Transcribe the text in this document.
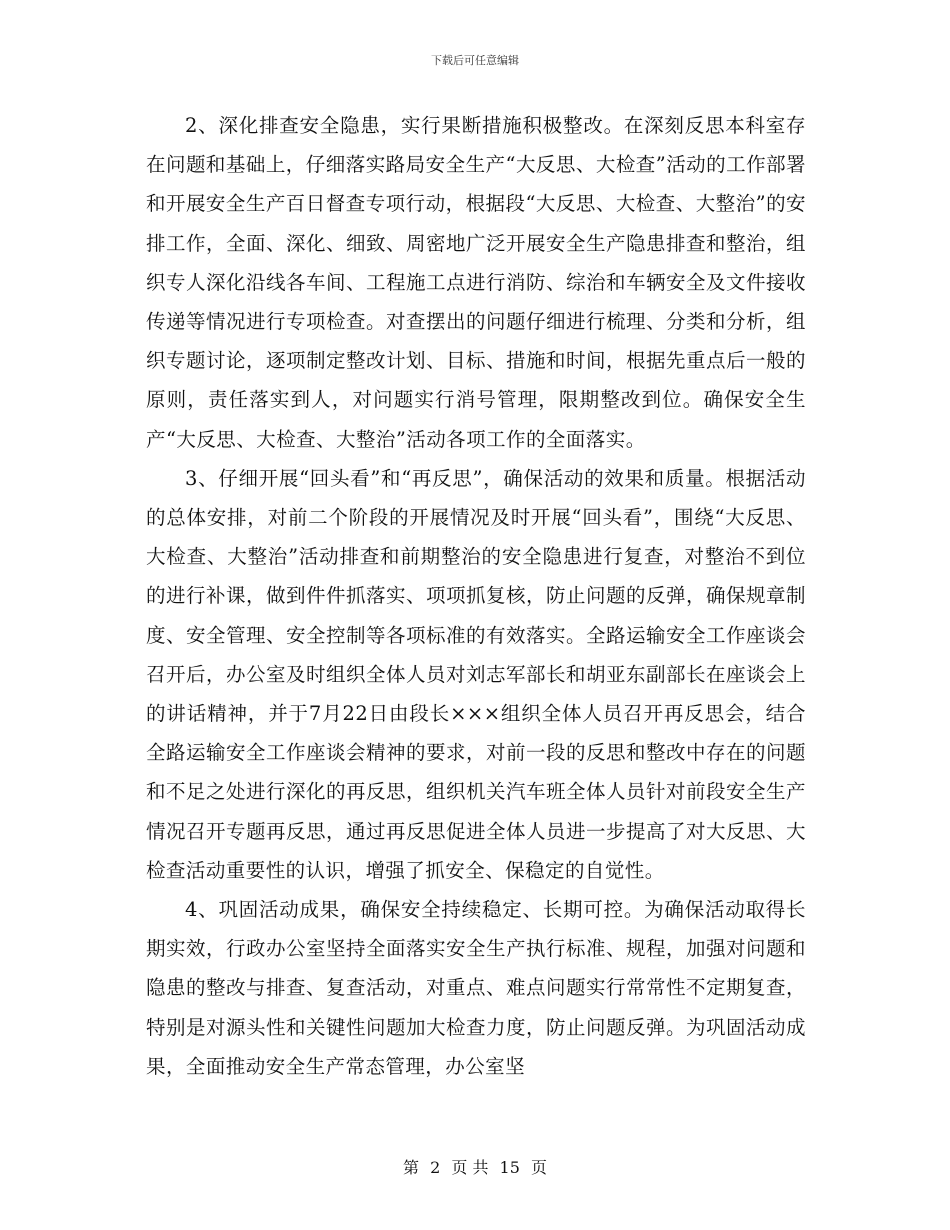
下载后可任意编辑

2、深化排查安全隐患，实行果断措施积极整改。在深刻反思本科室存在问题和基础上，仔细落实路局安全生产“大反思、大检查”活动的工作部署和开展安全生产百日督查专项行动，根据段“大反思、大检查、大整治”的安排工作，全面、深化、细致、周密地广泛开展安全生产隐患排查和整治，组织专人深化沿线各车间、工程施工点进行消防、综治和车辆安全及文件接收传递等情况进行专项检查。对查摆出的问题仔细进行梳理、分类和分析，组织专题讨论，逐项制定整改计划、目标、措施和时间，根据先重点后一般的原则，责任落实到人，对问题实行消号管理，限期整改到位。确保安全生产“大反思、大检查、大整治”活动各项工作的全面落实。

3、仔细开展“回头看”和“再反思”，确保活动的效果和质量。根据活动的总体安排，对前二个阶段的开展情况及时开展“回头看”，围绕“大反思、大检查、大整治”活动排查和前期整治的安全隐患进行复查，对整治不到位的进行补课，做到件件抓落实、项项抓复核，防止问题的反弹，确保规章制度、安全管理、安全控制等各项标准的有效落实。全路运输安全工作座谈会召开后，办公室及时组织全体人员对刘志军部长和胡亚东副部长在座谈会上的讲话精神，并于7月22日由段长×××组织全体人员召开再反思会，结合全路运输安全工作座谈会精神的要求，对前一段的反思和整改中存在的问题和不足之处进行深化的再反思，组织机关汽车班全体人员针对前段安全生产情况召开专题再反思，通过再反思促进全体人员进一步提高了对大反思、大检查活动重要性的认识，增强了抓安全、保稳定的自觉性。

4、巩固活动成果，确保安全持续稳定、长期可控。为确保活动取得长期实效，行政办公室坚持全面落实安全生产执行标准、规程，加强对问题和隐患的整改与排查、复查活动，对重点、难点问题实行常常性不定期复查，特别是对源头性和关键性问题加大检查力度，防止问题反弹。为巩固活动成果，全面推动安全生产常态管理，办公室坚

第 2 页 共 15 页
